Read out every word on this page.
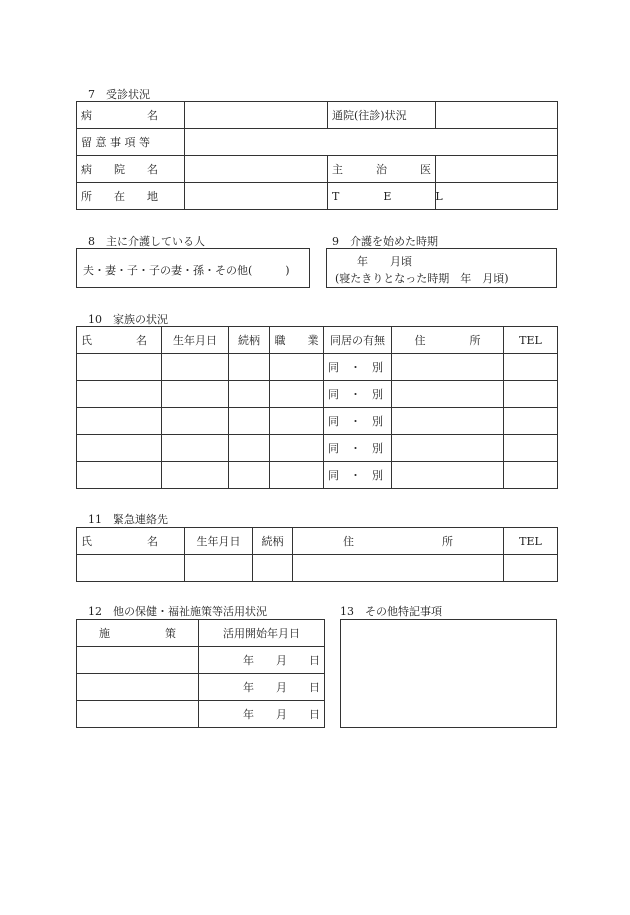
7　受診状況
病　　　　　名		通院(往診)状況	
留 意 事 項 等			
病　　院　　名		主　　　治　　　医	
所　　在　　地		T　　　　E　　　　L	
8　主に介護している人
夫・妻・子・子の妻・孫・その他(　　　)
9　介護を始めた時期
年　　月頃
(寝たきりとなった時期　年　月頃)
10　家族の状況
氏　　　　名	生年月日	続柄	職　　業	同居の有無	住　　　　所	TEL
				同　・　別		
				同　・　別		
				同　・　別		
				同　・　別		
				同　・　別		
11　緊急連絡先
氏　　　　　名	生年月日	続柄	住　　　　　　　　所	TEL

12　他の保健・福祉施策等活用状況
施　　　　　策	活用開始年月日
	年　　月　　日
	年　　月　　日
	年　　月　　日
13　その他特記事項
